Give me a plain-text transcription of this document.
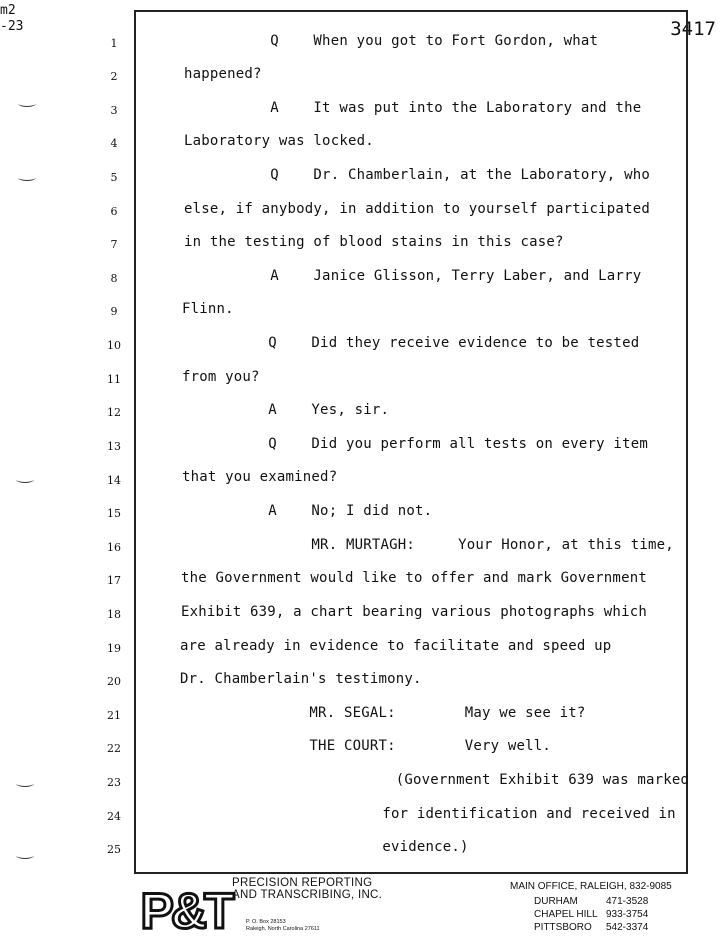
m2
-23	3417
1	Q    When you got to Fort Gordon, what
2	happened?
3	A    It was put into the Laboratory and the
4	Laboratory was locked.
5	Q    Dr. Chamberlain, at the Laboratory, who
6	else, if anybody, in addition to yourself participated
7	in the testing of blood stains in this case?
8	A    Janice Glisson, Terry Laber, and Larry
9	Flinn.
10	Q    Did they receive evidence to be tested
11	from you?
12	A    Yes, sir.
13	Q    Did you perform all tests on every item
14	that you examined?
15	A    No; I did not.
16	MR. MURTAGH:     Your Honor, at this time,
17	the Government would like to offer and mark Government
18	Exhibit 639, a chart bearing various photographs which
19	are already in evidence to facilitate and speed up
20	Dr. Chamberlain's testimony.
21	MR. SEGAL:        May we see it?
22	THE COURT:        Very well.
23	(Government Exhibit 639 was marked
24	for identification and received in
25	evidence.)
P&T PRECISION REPORTING
AND TRANSCRIBING, INC.
P. O. Box 28153
Raleigh, North Carolina 27611
MAIN OFFICE, RALEIGH, 832-9085
DURHAM	471-3528
CHAPEL HILL 933-3754
PITTSBORO 542-3374
